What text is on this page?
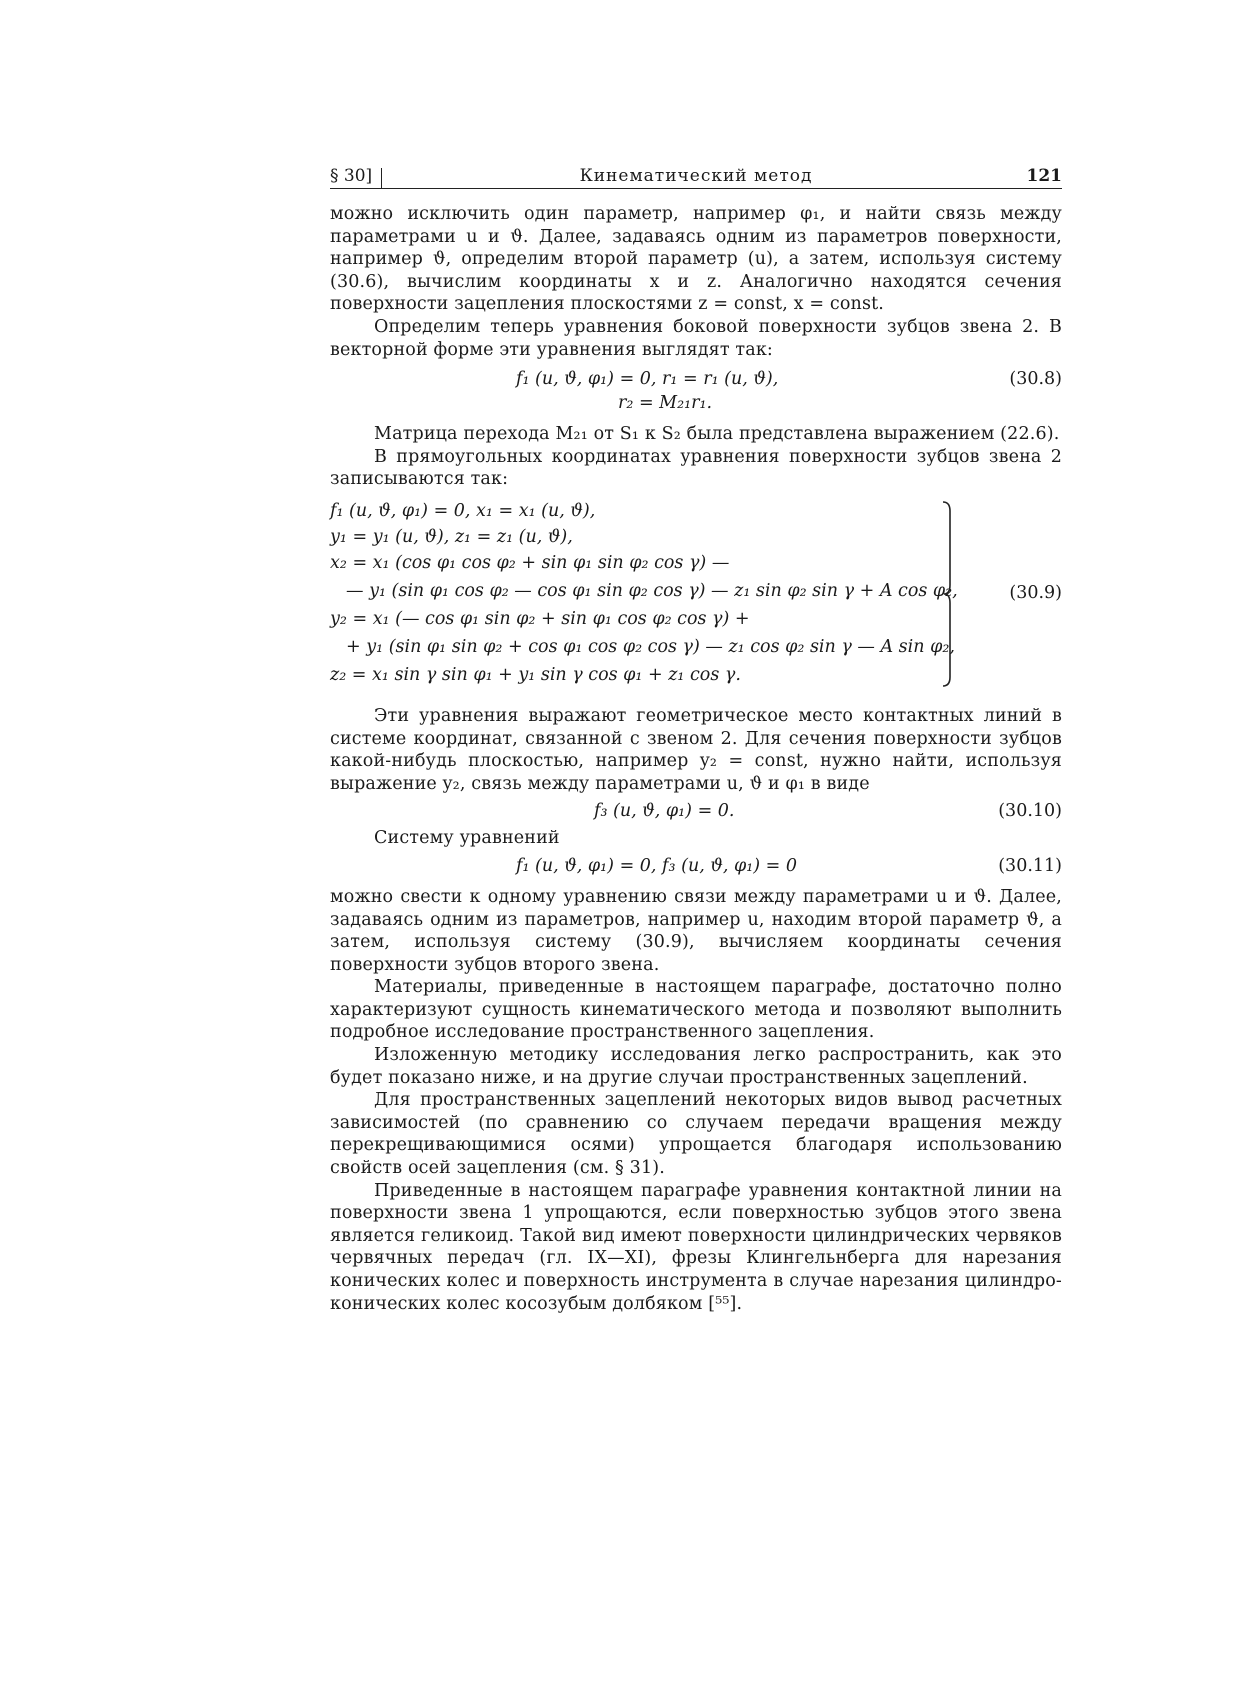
§ 30]	Кинематический метод	121

можно исключить один параметр, например φ₁, и найти связь между параметрами u и ϑ. Далее, задаваясь одним из параметров поверхности, например ϑ, определим второй параметр (u), а затем, используя систему (30.6), вычислим координаты x и z. Аналогично находятся сечения поверхности зацепления плоскостями z = const, x = const.

Определим теперь уравнения боковой поверхности зубцов звена 2. В векторной форме эти уравнения выглядят так:

f₁ (u, ϑ, φ₁) = 0, r₁ = r₁ (u, ϑ),	(30.8)
r₂ = M₂₁r₁.

Матрица перехода M₂₁ от S₁ к S₂ была представлена выражением (22.6).

В прямоугольных координатах уравнения поверхности зубцов звена 2 записываются так:

f₁ (u, ϑ, φ₁) = 0, x₁ = x₁ (u, ϑ),
y₁ = y₁ (u, ϑ), z₁ = z₁ (u, ϑ),
x₂ = x₁ (cos φ₁ cos φ₂ + sin φ₁ sin φ₂ cos γ) —
— y₁ (sin φ₁ cos φ₂ — cos φ₁ sin φ₂ cos γ) — z₁ sin φ₂ sin γ + A cos φ₂,
y₂ = x₁ (— cos φ₁ sin φ₂ + sin φ₁ cos φ₂ cos γ) +
+ y₁ (sin φ₁ sin φ₂ + cos φ₁ cos φ₂ cos γ) — z₁ cos φ₂ sin γ — A sin φ₂,
z₂ = x₁ sin γ sin φ₁ + y₁ sin γ cos φ₁ + z₁ cos γ.
(30.9)

Эти уравнения выражают геометрическое место контактных линий в системе координат, связанной с звеном 2. Для сечения поверхности зубцов какой-нибудь плоскостью, например y₂ = const, нужно найти, используя выражение y₂, связь между параметрами u, ϑ и φ₁ в виде

f₃ (u, ϑ, φ₁) = 0.	(30.10)

Систему уравнений

f₁ (u, ϑ, φ₁) = 0, f₃ (u, ϑ, φ₁) = 0	(30.11)

можно свести к одному уравнению связи между параметрами u и ϑ. Далее, задаваясь одним из параметров, например u, находим второй параметр ϑ, а затем, используя систему (30.9), вычисляем координаты сечения поверхности зубцов второго звена.

Материалы, приведенные в настоящем параграфе, достаточно полно характеризуют сущность кинематического метода и позволяют выполнить подробное исследование пространственного зацепления.

Изложенную методику исследования легко распространить, как это будет показано ниже, и на другие случаи пространственных зацеплений.

Для пространственных зацеплений некоторых видов вывод расчетных зависимостей (по сравнению со случаем передачи вращения между перекрещивающимися осями) упрощается благодаря использованию свойств осей зацепления (см. § 31).

Приведенные в настоящем параграфе уравнения контактной линии на поверхности звена 1 упрощаются, если поверхностью зубцов этого звена является геликоид. Такой вид имеют поверхности цилиндрических червяков червячных передач (гл. IX—XI), фрезы Клингельнберга для нарезания конических колес и поверхность инструмента в случае нарезания цилиндро-конических колес косозубым долбяком [⁵⁵].
